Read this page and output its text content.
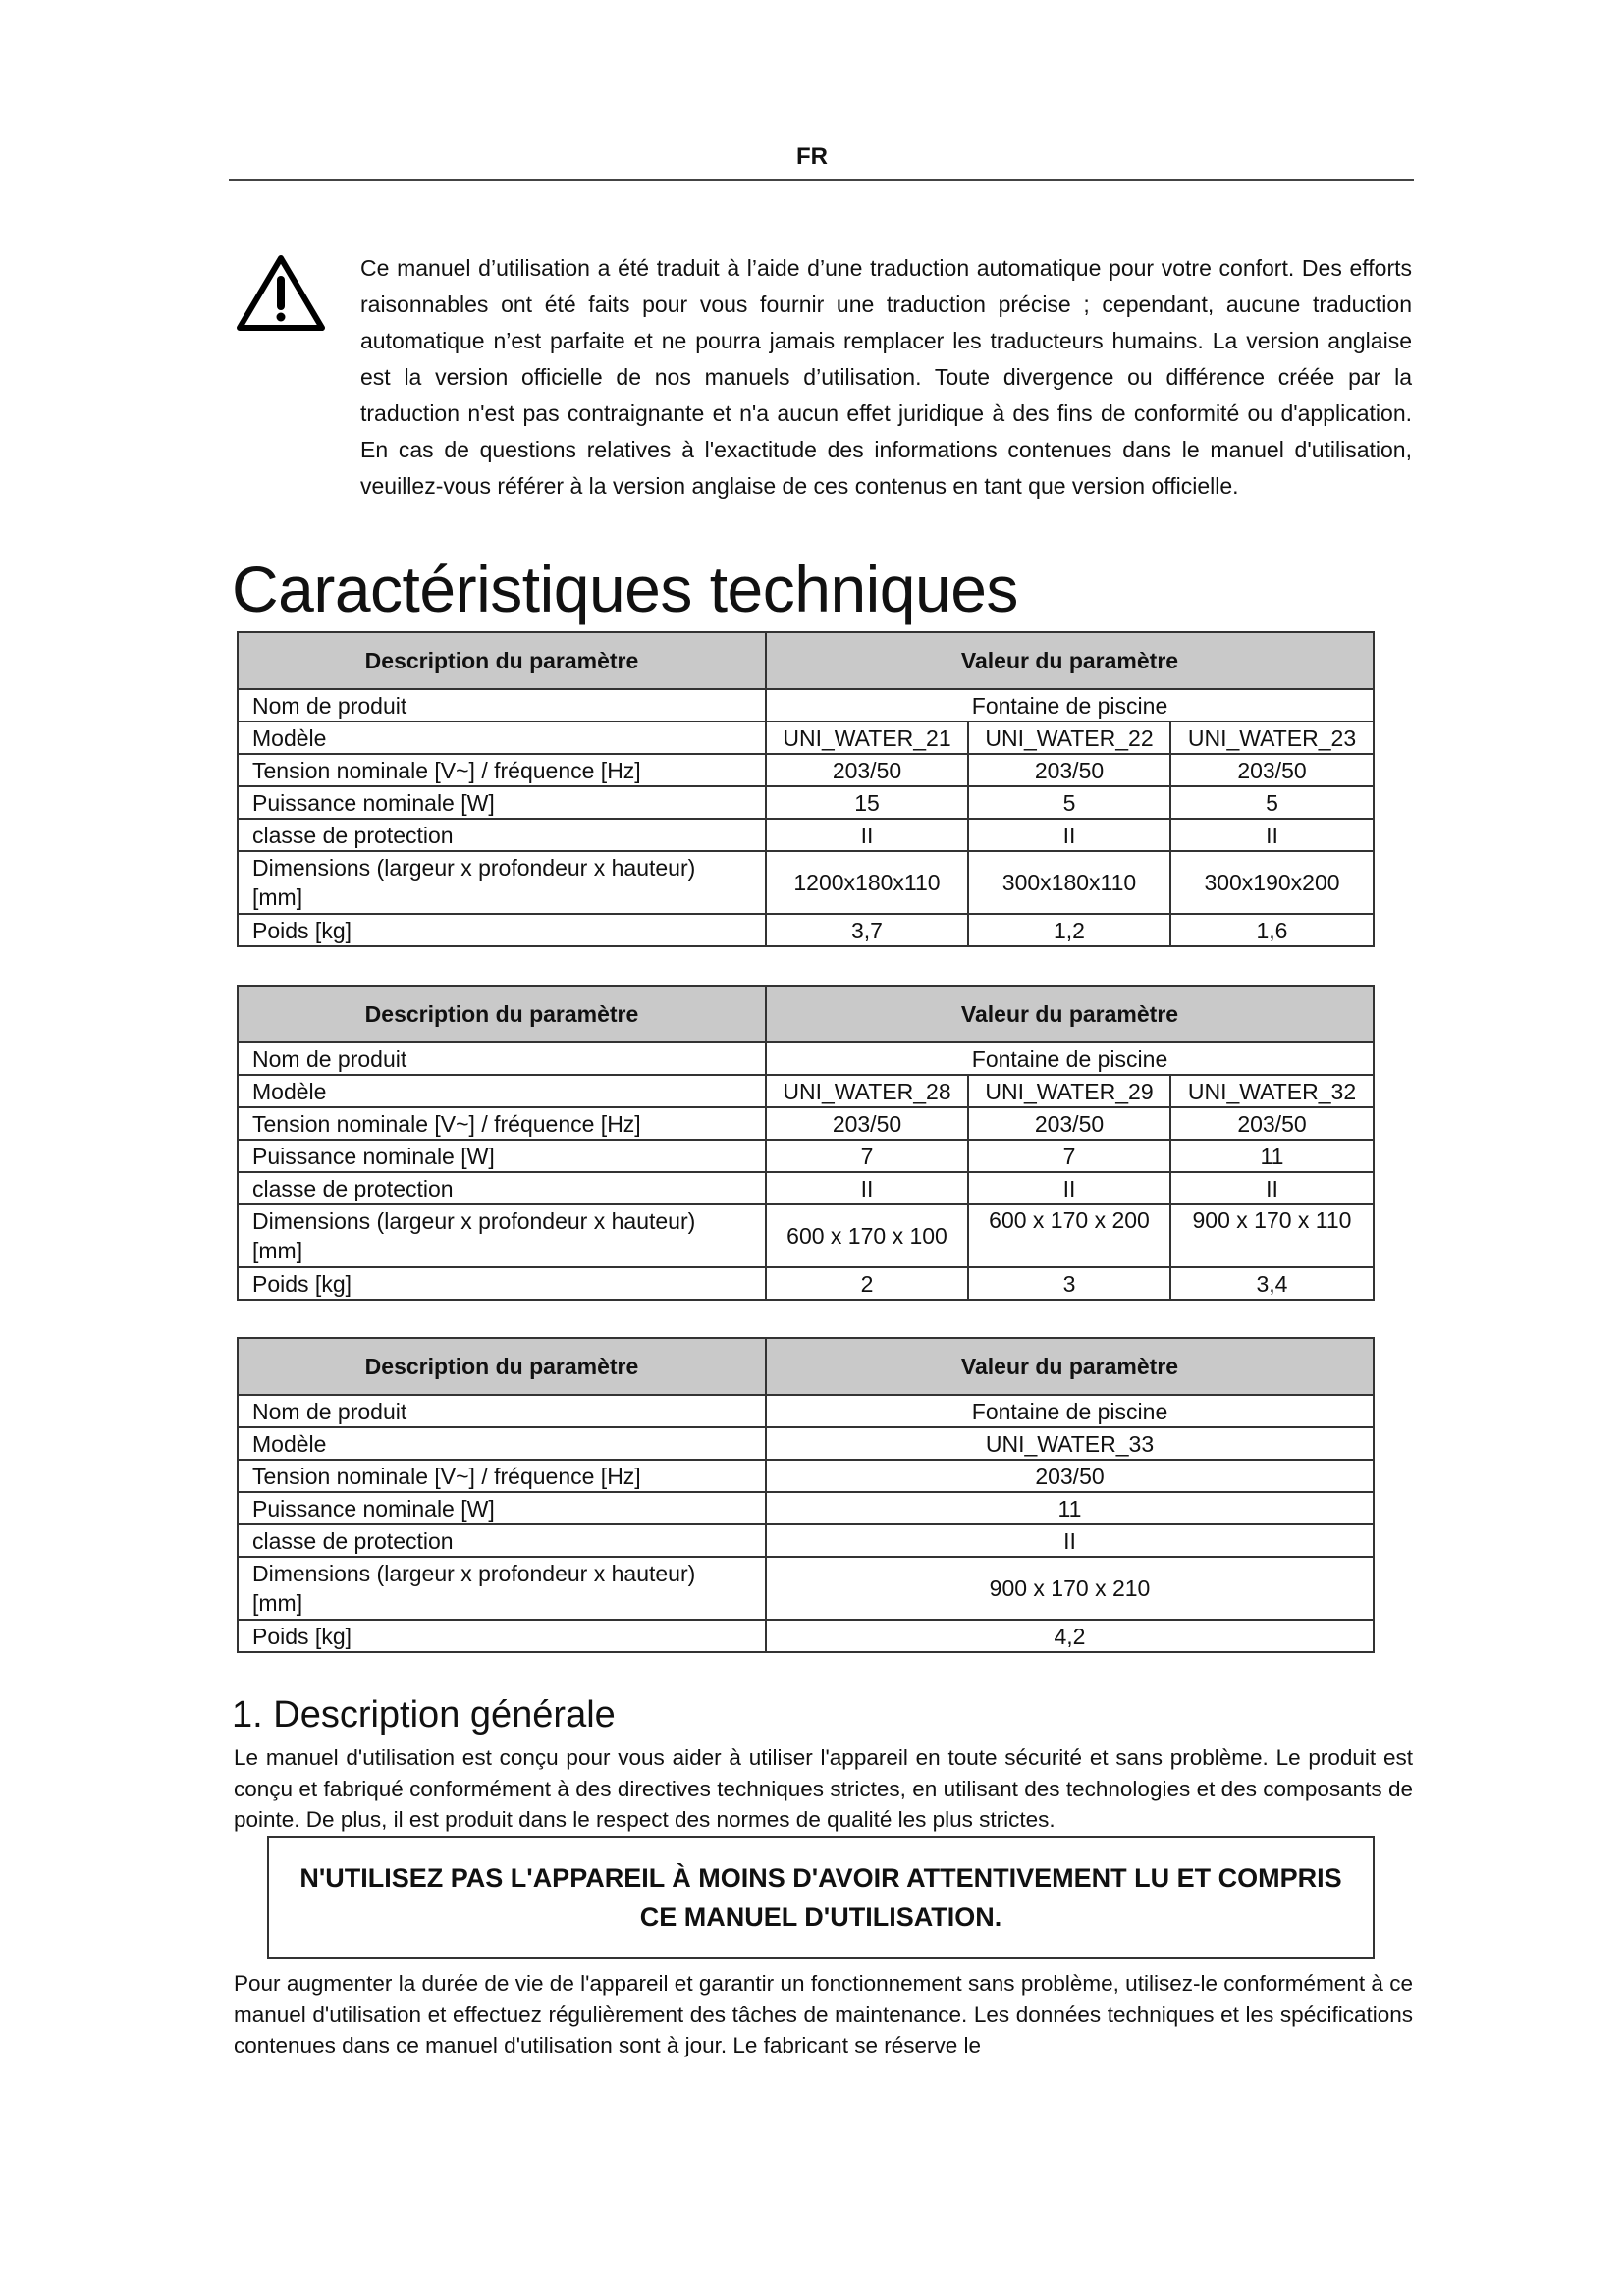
FR

Ce manuel d’utilisation a été traduit à l’aide d’une traduction automatique pour votre confort. Des efforts raisonnables ont été faits pour vous fournir une traduction précise ; cependant, aucune traduction automatique n’est parfaite et ne pourra jamais remplacer les traducteurs humains. La version anglaise est la version officielle de nos manuels d’utilisation. Toute divergence ou différence créée par la traduction n'est pas contraignante et n'a aucun effet juridique à des fins de conformité ou d'application. En cas de questions relatives à l'exactitude des informations contenues dans le manuel d'utilisation, veuillez-vous référer à la version anglaise de ces contenus en tant que version officielle.

Caractéristiques techniques
Description du paramètre	Valeur du paramètre		
Nom de produit	Fontaine de piscine		
Modèle	UNI_WATER_21	UNI_WATER_22	UNI_WATER_23
Tension nominale [V~] / fréquence [Hz]	203/50	203/50	203/50
Puissance nominale [W]	15	5	5
classe de protection	II	II	II
Dimensions (largeur x profondeur x hauteur) [mm]	1200x180x110	300x180x110	300x190x200
Poids [kg]	3,7	1,2	1,6
Description du paramètre	Valeur du paramètre		
Nom de produit	Fontaine de piscine		
Modèle	UNI_WATER_28	UNI_WATER_29	UNI_WATER_32
Tension nominale [V~] / fréquence [Hz]	203/50	203/50	203/50
Puissance nominale [W]	7	7	11
classe de protection	II	II	II
Dimensions (largeur x profondeur x hauteur) [mm]	600 x 170 x 100	600 x 170 x 200	900 x 170 x 110
Poids [kg]	2	3	3,4
Description du paramètre	Valeur du paramètre
Nom de produit	Fontaine de piscine
Modèle	UNI_WATER_33
Tension nominale [V~] / fréquence [Hz]	203/50
Puissance nominale [W]	11
classe de protection	II
Dimensions (largeur x profondeur x hauteur) [mm]	900 x 170 x 210
Poids [kg]	4,2
1. Description générale

Le manuel d'utilisation est conçu pour vous aider à utiliser l'appareil en toute sécurité et sans problème. Le produit est conçu et fabriqué conformément à des directives techniques strictes, en utilisant des technologies et des composants de pointe. De plus, il est produit dans le respect des normes de qualité les plus strictes.

N'UTILISEZ PAS L'APPAREIL À MOINS D'AVOIR ATTENTIVEMENT LU ET COMPRIS CE MANUEL D'UTILISATION.

Pour augmenter la durée de vie de l'appareil et garantir un fonctionnement sans problème, utilisez-le conformément à ce manuel d'utilisation et effectuez régulièrement des tâches de maintenance. Les données techniques et les spécifications contenues dans ce manuel d'utilisation sont à jour. Le fabricant se réserve le
